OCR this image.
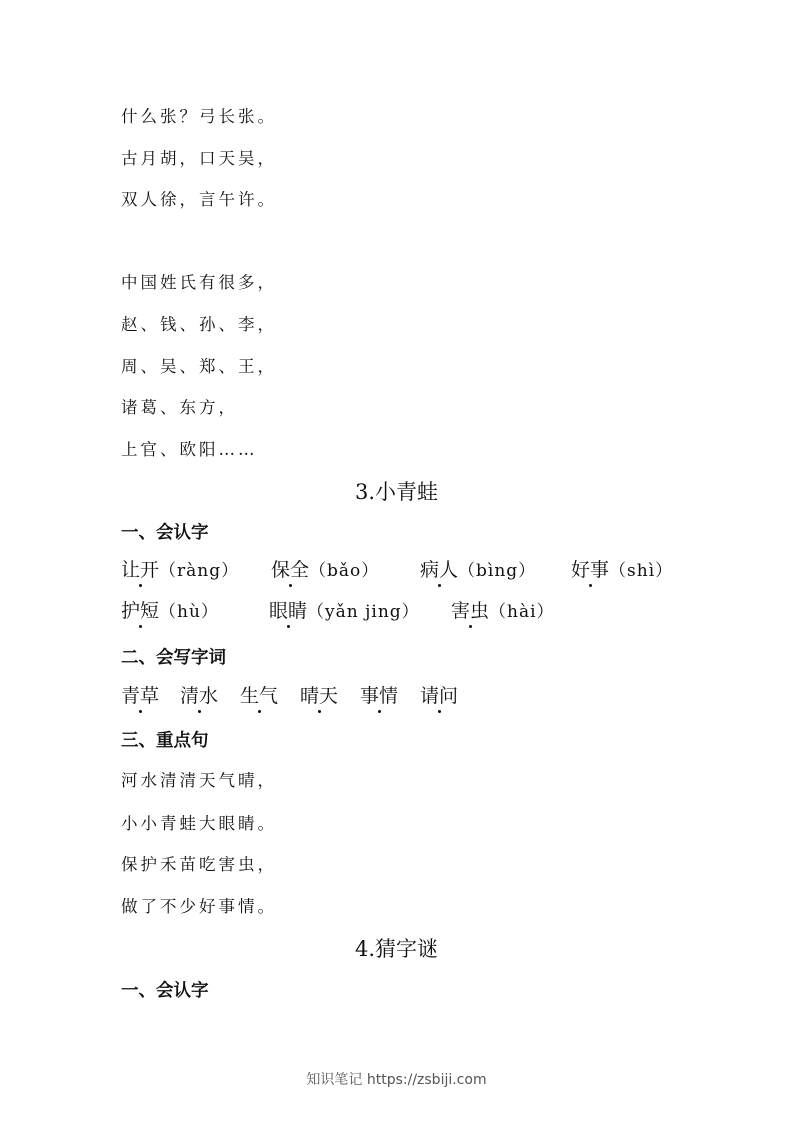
什么张？弓长张。
古月胡，口天吴，
双人徐，言午许。
中国姓氏有很多，
赵、钱、孙、李，
周、吴、郑、王，
诸葛、东方，
上官、欧阳……
3.小青蛙
一、会认字
让开（ràng） 保全（bǎo） 病人（bìng） 好事（shì）
护短（hù）	眼睛（yǎn jing） 害虫（hài）
二、会写字词
青草 清水 生气 晴天 事情 请问
三、重点句
河水清清天气晴，
小小青蛙大眼睛。
保护禾苗吃害虫，
做了不少好事情。
4.猜字谜
一、会认字
知识笔记 https://zsbiji.com
